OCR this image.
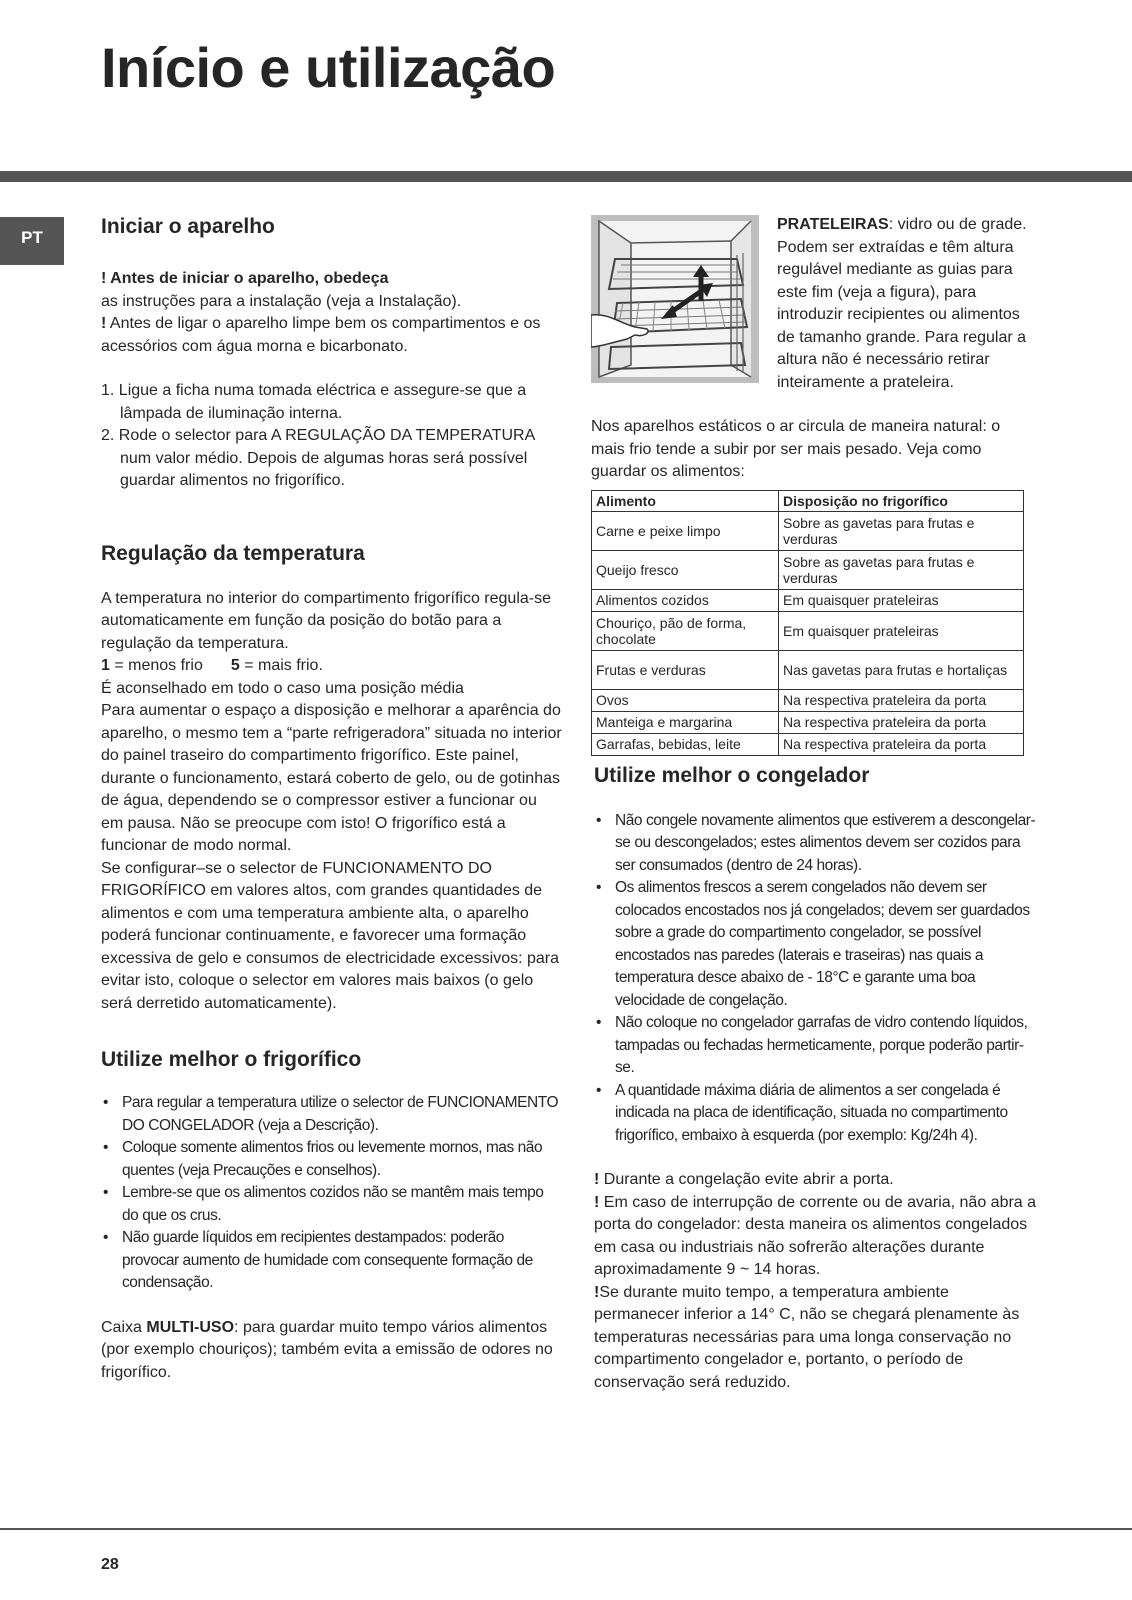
Início e utilização
PT	Iniciar o aparelho

! Antes de iniciar o aparelho, obedeça
as instruções para a instalação (veja a Instalação).

! Antes de ligar o aparelho limpe bem os compartimentos e os acessórios com água morna e bicarbonato.

1. Ligue a ficha numa tomada eléctrica e assegure-se que a lâmpada de iluminação interna.
2. Rode o selector para A REGULAÇÃO DA TEMPERATURA num valor médio. Depois de algumas horas será possível guardar alimentos no frigorífico.
Regulação da temperatura

A temperatura no interior do compartimento frigorífico regula-se automaticamente em função da posição do botão para a regulação da temperatura.

1 = menos frio 5 = mais frio.

É aconselhado em todo o caso uma posição média

Para aumentar o espaço a disposição e melhorar a aparência do aparelho, o mesmo tem a “parte refrigeradora” situada no interior do painel traseiro do compartimento frigorífico. Este painel, durante o funcionamento, estará coberto de gelo, ou de gotinhas de água, dependendo se o compressor estiver a funcionar ou em pausa. Não se preocupe com isto! O frigorífico está a funcionar de modo normal.

Se configurar–se o selector de FUNCIONAMENTO DO FRIGORÍFICO em valores altos, com grandes quantidades de alimentos e com uma temperatura ambiente alta, o aparelho poderá funcionar continuamente, e favorecer uma formação excessiva de gelo e consumos de electricidade excessivos: para evitar isto, coloque o selector em valores mais baixos (o gelo será derretido automaticamente).

Utilize melhor o frigorífico
• Para regular a temperatura utilize o selector de FUNCIONAMENTO DO CONGELADOR (veja a Descrição).
• Coloque somente alimentos frios ou levemente mornos, mas não quentes (veja Precauções e conselhos).
• Lembre-se que os alimentos cozidos não se mantêm mais tempo do que os crus.
• Não guarde líquidos em recipientes destampados: poderão provocar aumento de humidade com consequente formação de condensação.

Caixa MULTI-USO: para guardar muito tempo vários alimentos (por exemplo chouriços); também evita a emissão de odores no frigorífico.

PRATELEIRAS: vidro ou de grade. Podem ser extraídas e têm altura regulável mediante as guias para este fim (veja a figura), para introduzir recipientes ou alimentos de tamanho grande. Para regular a altura não é necessário retirar inteiramente a prateleira.

Nos aparelhos estáticos o ar circula de maneira natural: o mais frio tende a subir por ser mais pesado. Veja como guardar os alimentos:

Alimento	Disposição no frigorífico
Carne e peixe limpo	Sobre as gavetas para frutas e verduras
Queijo fresco	Sobre as gavetas para frutas e verduras
Alimentos cozidos	Em quaisquer prateleiras
Chouriço, pão de forma, chocolate	Em quaisquer prateleiras
Frutas e verduras	Nas gavetas para frutas e hortaliças
Ovos	Na respectiva prateleira da porta
Manteiga e margarina	Na respectiva prateleira da porta
Garrafas, bebidas, leite	Na respectiva prateleira da porta
Utilize melhor o congelador
• Não congele novamente alimentos que estiverem a descongelar-se ou descongelados; estes alimentos devem ser cozidos para ser consumados (dentro de 24 horas).
• Os alimentos frescos a serem congelados não devem ser colocados encostados nos já congelados; devem ser guardados sobre a grade do compartimento congelador, se possível encostados nas paredes (laterais e traseiras) nas quais a temperatura desce abaixo de - 18°C e garante uma boa velocidade de congelação.
• Não coloque no congelador garrafas de vidro contendo líquidos, tampadas ou fechadas hermeticamente, porque poderão partir-se.
• A quantidade máxima diária de alimentos a ser congelada é indicada na placa de identificação, situada no compartimento frigorífico, embaixo à esquerda (por exemplo: Kg/24h 4).

! Durante a congelação evite abrir a porta.

! Em caso de interrupção de corrente ou de avaria, não abra a porta do congelador: desta maneira os alimentos congelados em casa ou industriais não sofrerão alterações durante aproximadamente 9 ~ 14 horas.

!Se durante muito tempo, a temperatura ambiente permanecer inferior a 14° C, não se chegará plenamente às temperaturas necessárias para uma longa conservação no compartimento congelador e, portanto, o período de conservação será reduzido.

28
